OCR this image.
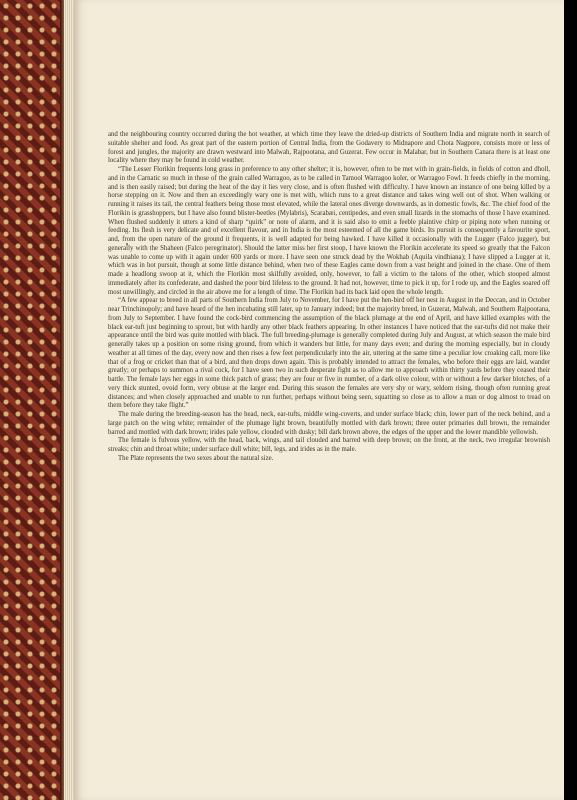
and the neighbouring country occurred during the hot weather, at which time they leave the dried-up districts of Southern India and migrate north in search of suitable shelter and food. As great part of the eastern portion of Central India, from the Godavery to Midnapore and Chota Nagpore, consists more or less of forest and jungles, the majority are drawn westward into Malwah, Rajpootana, and Guzerat. Few occur in Malabar, but in Southern Canara there is at least one locality where they may be found in cold weather.

“The Lesser Florikin frequents long grass in preference to any other shelter; it is, however, often to be met with in grain-fields, in fields of cotton and dholl, and in the Carnatic so much in those of the grain called Warragoo, as to be called in Tamool Warragoo koler, or Warragoo Fowl. It feeds chiefly in the morning, and is then easily raised; but during the heat of the day it lies very close, and is often flushed with difficulty. I have known an instance of one being killed by a horse stepping on it. Now and then an exceedingly wary one is met with, which runs to a great distance and takes wing well out of shot. When walking or running it raises its tail, the central feathers being those most elevated, while the lateral ones diverge downwards, as in domestic fowls, &c. The chief food of the Florikin is grasshoppers, but I have also found blister-beetles (Mylabris), Scarabæi, centipedes, and even small lizards in the stomachs of those I have examined. When flushed suddenly it utters a kind of sharp “quirk” or note of alarm, and it is said also to emit a feeble plaintive chirp or piping note when running or feeding. Its flesh is very delicate and of excellent flavour, and in India is the most esteemed of all the game birds. Its pursuit is consequently a favourite sport, and, from the open nature of the ground it frequents, it is well adapted for being hawked. I have killed it occasionally with the Lugger (Falco jugger), but generally with the Shaheen (Falco peregrinator). Should the latter miss her first stoop, I have known the Florikin accelerate its speed so greatly that the Falcon was unable to come up with it again under 600 yards or more. I have seen one struck dead by the Wokhab (Aquila vindhiana); I have slipped a Lugger at it, which was in hot pursuit, though at some little distance behind, when two of these Eagles came down from a vast height and joined in the chase. One of them made a headlong swoop at it, which the Florikin most skilfully avoided, only, however, to fall a victim to the talons of the other, which stooped almost immediately after its confederate, and dashed the poor bird lifeless to the ground. It had not, however, time to pick it up, for I rode up, and the Eagles soared off most unwillingly, and circled in the air above me for a length of time. The Florikin had its back laid open the whole length.

“A few appear to breed in all parts of Southern India from July to November, for I have put the hen-bird off her nest in August in the Deccan, and in October near Trinchinopoly; and have heard of the hen incubating still later, up to January indeed; but the majority breed, in Guzerat, Malwah, and Southern Rajpootana, from July to September. I have found the cock-bird commencing the assumption of the black plumage at the end of April, and have killed examples with the black ear-tuft just beginning to sprout, but with hardly any other black feathers appearing. In other instances I have noticed that the ear-tufts did not make their appearance until the bird was quite mottled with black. The full breeding-plumage is generally completed during July and August, at which season the male bird generally takes up a position on some rising ground, from which it wanders but little, for many days even; and during the morning especially, but in cloudy weather at all times of the day, every now and then rises a few feet perpendicularly into the air, uttering at the same time a peculiar low croaking call, more like that of a frog or cricket than that of a bird, and then drops down again. This is probably intended to attract the females, who before their eggs are laid, wander greatly; or perhaps to summon a rival cock, for I have seen two in such desperate fight as to allow me to approach within thirty yards before they ceased their battle. The female lays her eggs in some thick patch of grass; they are four or five in number, of a dark olive colour, with or without a few darker blotches, of a very thick stunted, ovoid form, very obtuse at the larger end. During this season the females are very shy or wary, seldom rising, though often running great distances; and when closely approached and unable to run further, perhaps without being seen, squatting so close as to allow a man or dog almost to tread on them before they take flight.”

The male during the breeding-season has the head, neck, ear-tufts, middle wing-coverts, and under surface black; chin, lower part of the neck behind, and a large patch on the wing white; remainder of the plumage light brown, beautifully mottled with dark brown; three outer primaries dull brown, the remainder barred and mottled with dark brown; irides pale yellow, clouded with dusky; bill dark brown above, the edges of the upper and the lower mandible yellowish.

The female is fulvous yellow, with the head, back, wings, and tail clouded and barred with deep brown; on the front, at the neck, two irregular brownish streaks; chin and throat white; under surface dull white; bill, legs, and irides as in the male.

The Plate represents the two sexes about the natural size.
